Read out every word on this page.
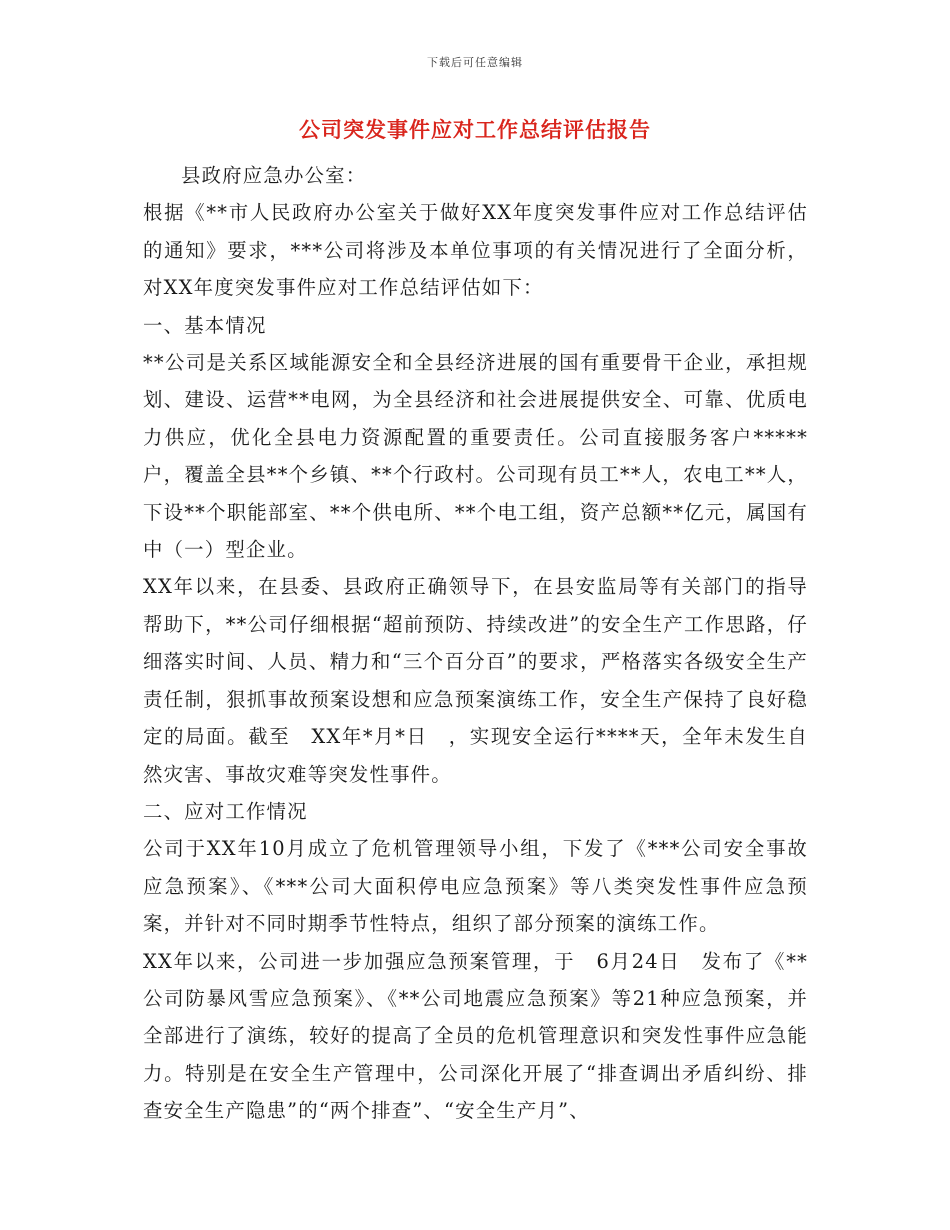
下载后可任意编辑
公司突发事件应对工作总结评估报告

县政府应急办公室：

根据《**市人民政府办公室关于做好XX年度突发事件应对工作总结评估的通知》要求，***公司将涉及本单位事项的有关情况进行了全面分析，对XX年度突发事件应对工作总结评估如下：

一、基本情况

**公司是关系区域能源安全和全县经济进展的国有重要骨干企业，承担规划、建设、运营**电网，为全县经济和社会进展提供安全、可靠、优质电力供应，优化全县电力资源配置的重要责任。公司直接服务客户*****户，覆盖全县**个乡镇、**个行政村。公司现有员工**人，农电工**人，下设**个职能部室、**个供电所、**个电工组，资产总额**亿元，属国有中（一）型企业。

XX年以来，在县委、县政府正确领导下，在县安监局等有关部门的指导帮助下，**公司仔细根据“超前预防、持续改进”的安全生产工作思路，仔细落实时间、人员、精力和“三个百分百”的要求，严格落实各级安全生产责任制，狠抓事故预案设想和应急预案演练工作，安全生产保持了良好稳定的局面。截至　XX年*月*日　，实现安全运行****天，全年未发生自然灾害、事故灾难等突发性事件。

二、应对工作情况

公司于XX年10月成立了危机管理领导小组，下发了《***公司安全事故应急预案》、《***公司大面积停电应急预案》等八类突发性事件应急预案，并针对不同时期季节性特点，组织了部分预案的演练工作。

XX年以来，公司进一步加强应急预案管理，于　6月24日　发布了《**公司防暴风雪应急预案》、《**公司地震应急预案》等21种应急预案，并全部进行了演练，较好的提高了全员的危机管理意识和突发性事件应急能力。特别是在安全生产管理中，公司深化开展了“排查调出矛盾纠纷、排查安全生产隐患”的“两个排查”、“安全生产月”、
